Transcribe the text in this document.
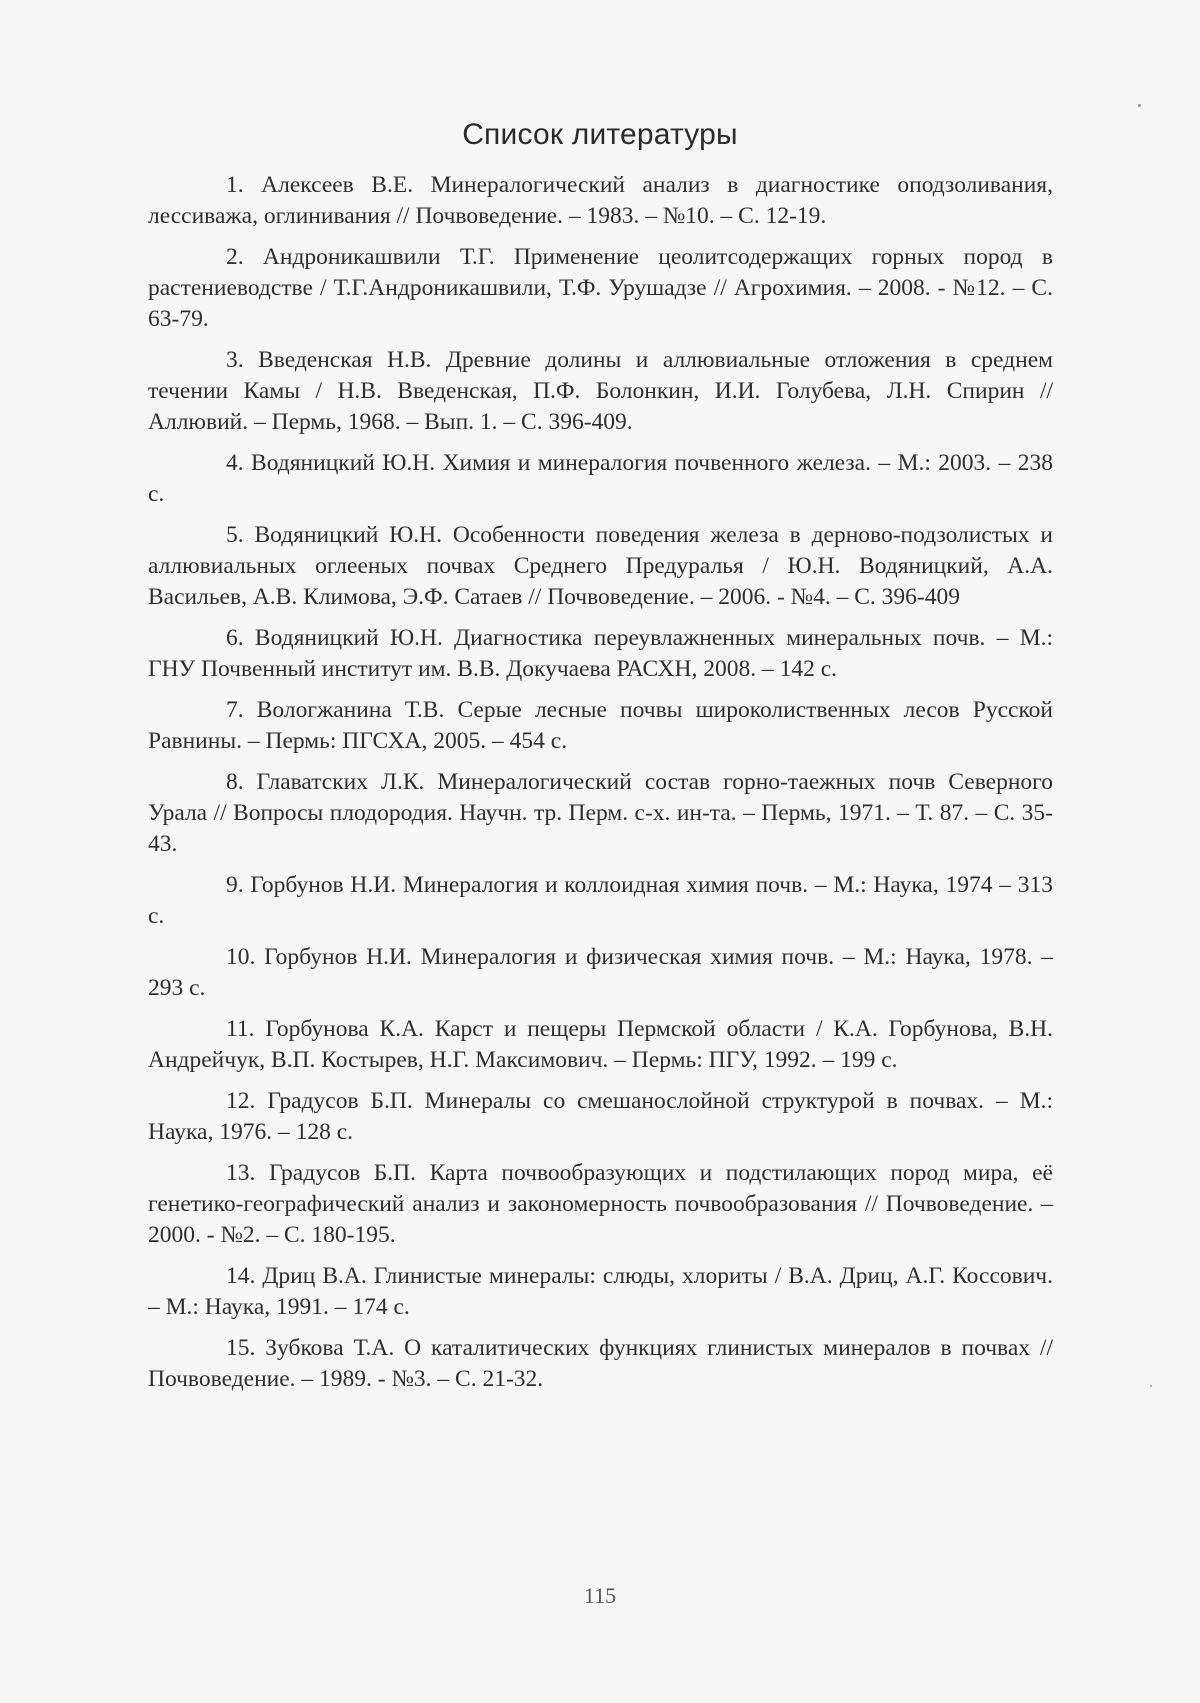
Список литературы

1. Алексеев В.Е. Минералогический анализ в диагностике оподзоливания, лессиважа, оглинивания // Почвоведение. – 1983. – №10. – С. 12-19.

2. Андроникашвили Т.Г. Применение цеолитсодержащих горных пород в растениеводстве / Т.Г.Андроникашвили, Т.Ф. Урушадзе // Агрохимия. – 2008. - №12. – С. 63-79.

3. Введенская Н.В. Древние долины и аллювиальные отложения в среднем течении Камы / Н.В. Введенская, П.Ф. Болонкин, И.И. Голубева, Л.Н. Спирин // Аллювий. – Пермь, 1968. – Вып. 1. – С. 396-409.

4. Водяницкий Ю.Н. Химия и минералогия почвенного железа. – М.: 2003. – 238 с.

5. Водяницкий Ю.Н. Особенности поведения железа в дерново-подзолистых и аллювиальных оглееных почвах Среднего Предуралья / Ю.Н. Водяницкий, А.А. Васильев, А.В. Климова, Э.Ф. Сатаев // Почвоведение. – 2006. - №4. – С. 396-409

6. Водяницкий Ю.Н. Диагностика переувлажненных минеральных почв. – М.: ГНУ Почвенный институт им. В.В. Докучаева РАСХН, 2008. – 142 с.

7. Вологжанина Т.В. Серые лесные почвы широколиственных лесов Русской Равнины. – Пермь: ПГСХА, 2005. – 454 с.

8. Главатских Л.К. Минералогический состав горно-таежных почв Северного Урала // Вопросы плодородия. Научн. тр. Перм. с-х. ин-та. – Пермь, 1971. – Т. 87. – С. 35-43.

9. Горбунов Н.И. Минералогия и коллоидная химия почв. – М.: Наука, 1974 – 313 с.

10. Горбунов Н.И. Минералогия и физическая химия почв. – М.: Наука, 1978. – 293 с.

11. Горбунова К.А. Карст и пещеры Пермской области / К.А. Горбунова, В.Н. Андрейчук, В.П. Костырев, Н.Г. Максимович. – Пермь: ПГУ, 1992. – 199 с.

12. Градусов Б.П. Минералы со смешанослойной структурой в почвах. – М.: Наука, 1976. – 128 с.

13. Градусов Б.П. Карта почвообразующих и подстилающих пород мира, её генетико-географический анализ и закономерность почвообразования // Почвоведение. – 2000. - №2. – С. 180-195.

14. Дриц В.А. Глинистые минералы: слюды, хлориты / В.А. Дриц, А.Г. Коссович. – М.: Наука, 1991. – 174 с.

15. Зубкова Т.А. О каталитических функциях глинистых минералов в почвах // Почвоведение. – 1989. - №3. – С. 21-32.

115
